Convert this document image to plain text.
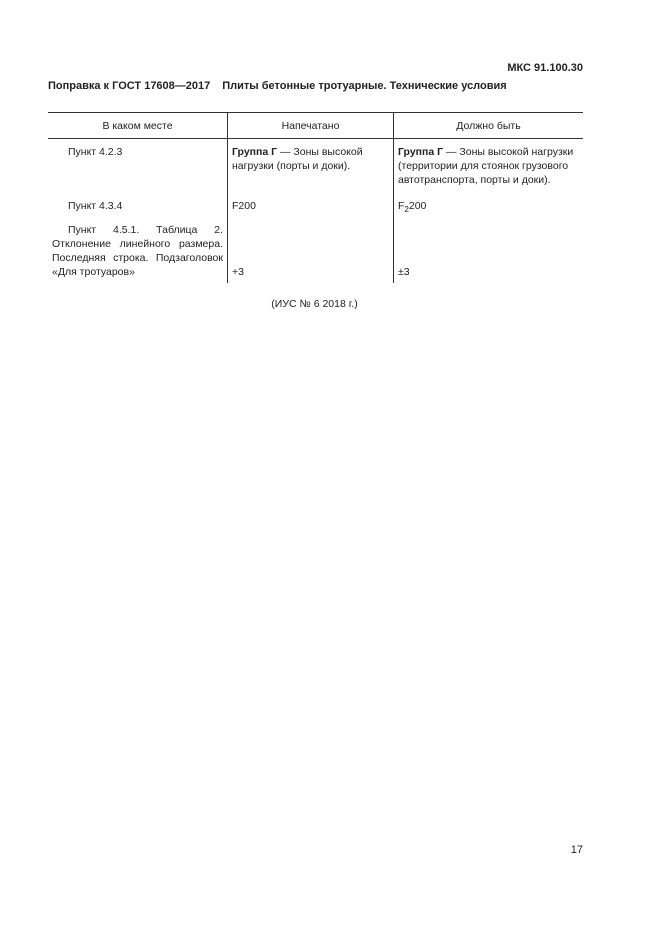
МКС 91.100.30
Поправка к ГОСТ 17608—2017 Плиты бетонные тротуарные. Технические условия
В каком месте	Напечатано	Должно быть
Пункт 4.2.3	Группа Г — Зоны высокой нагрузки (порты и доки).	Группа Г — Зоны высокой нагрузки (территории для стоянок грузового автотранспорта, порты и доки).
Пункт 4.3.4	F200	$F_2200$
Пункт 4.5.1. Таблица 2. Отклонение линейного размера. Последняя строка. Подзаголовок «Для тротуаров»	+3	±3
(ИУС № 6 2018 г.)
17
